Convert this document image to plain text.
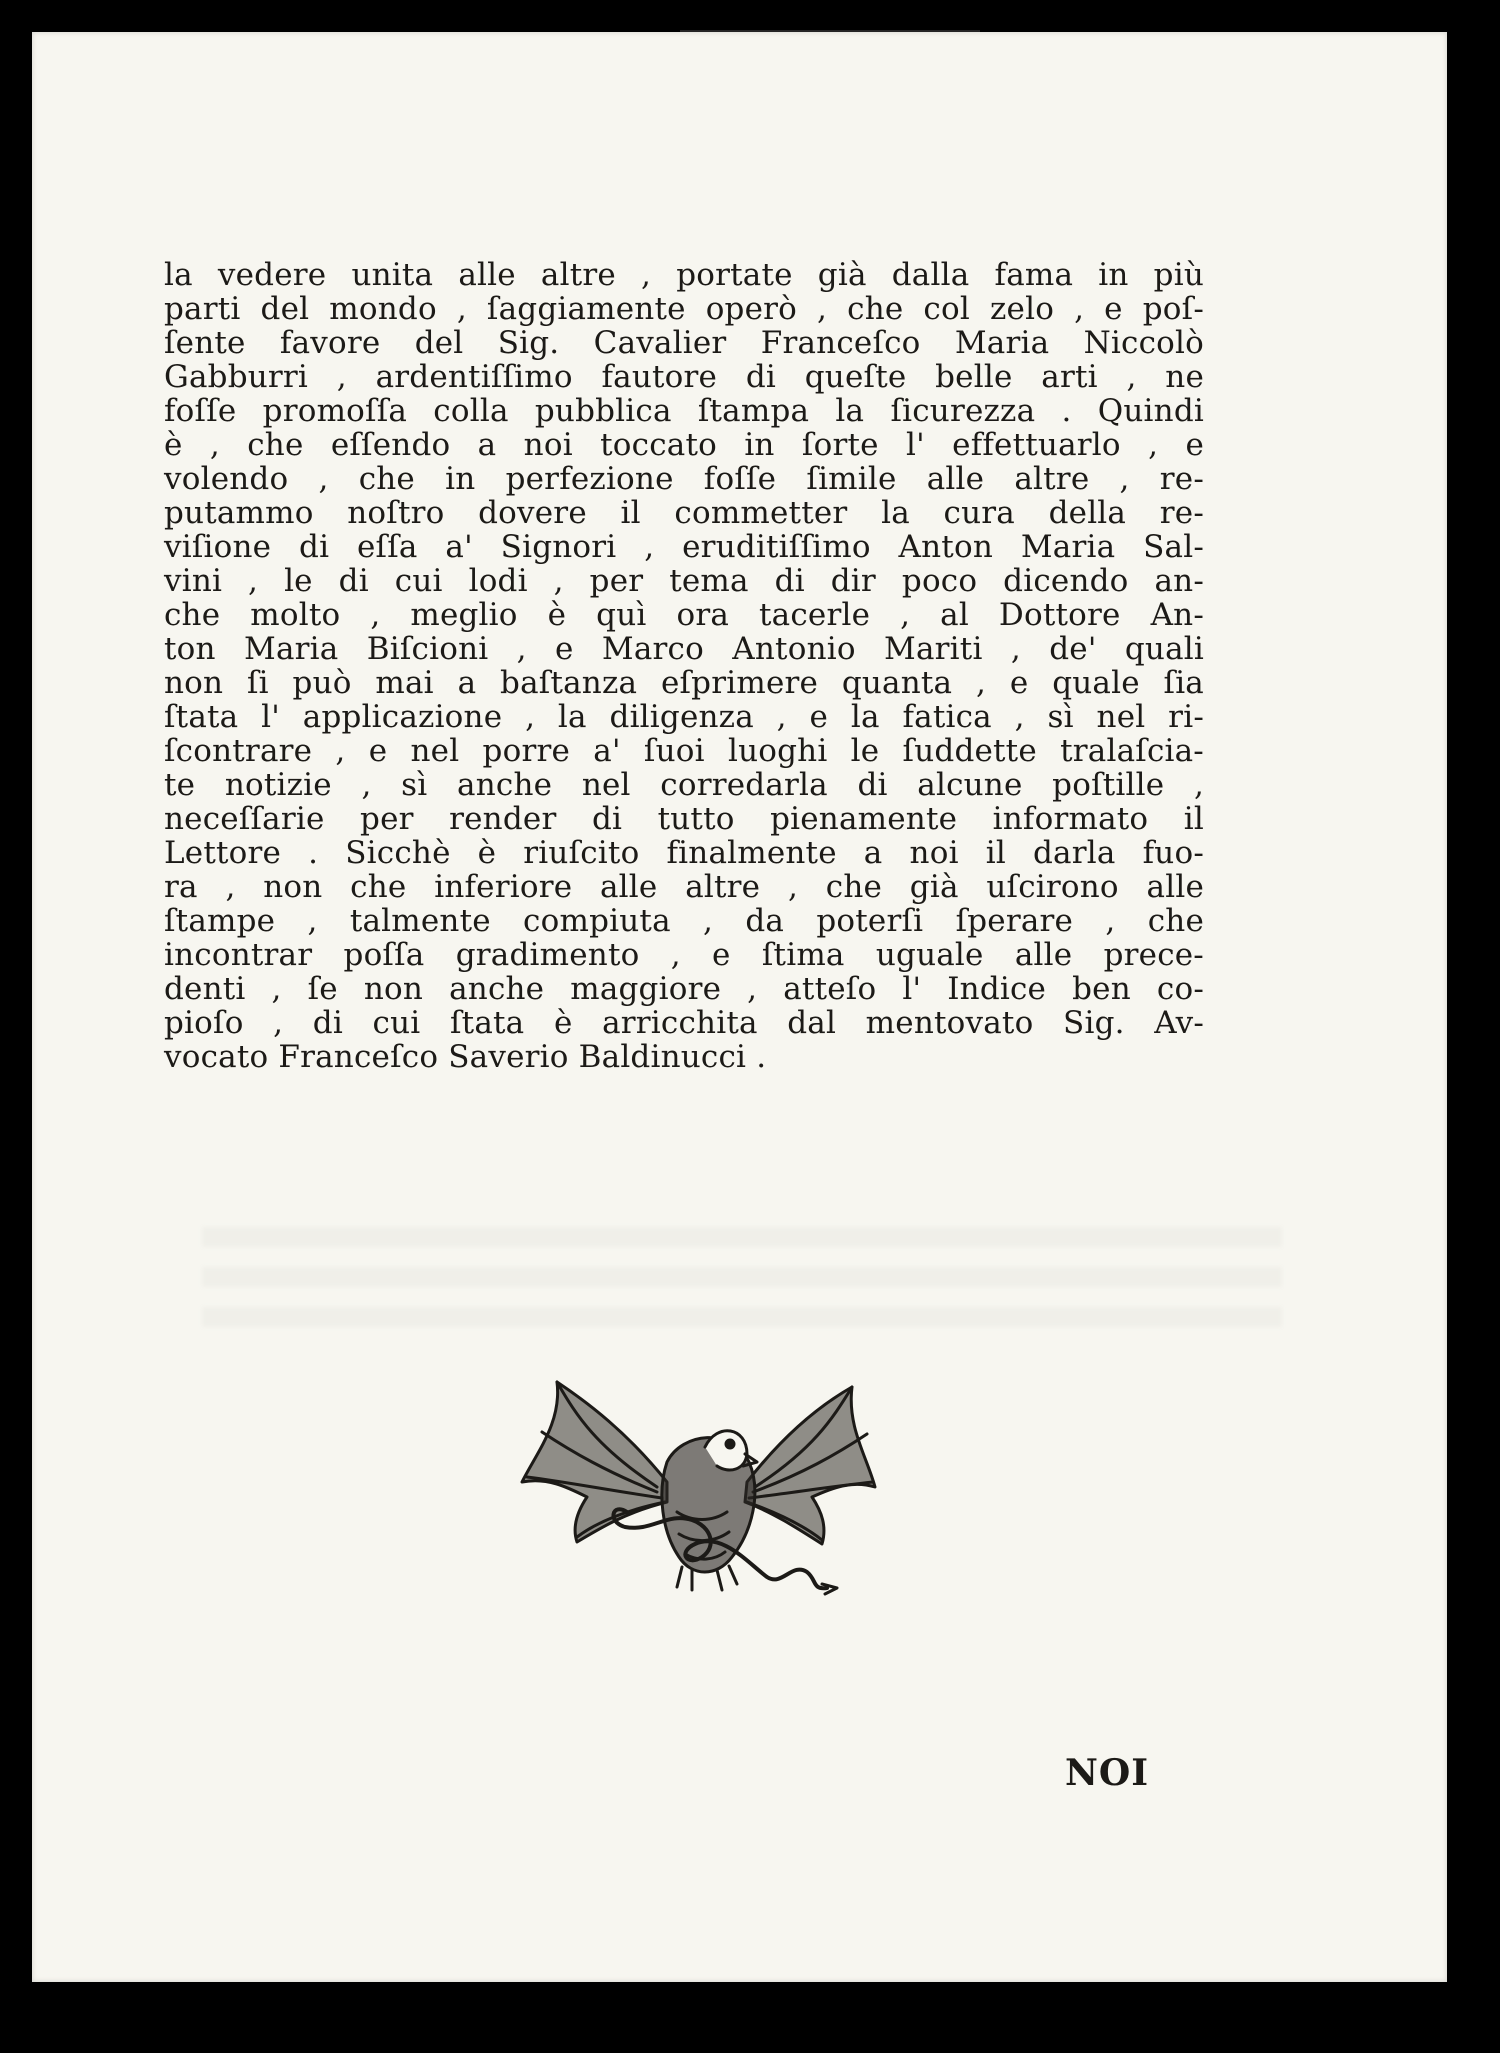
la vedere unita alle altre , portate già dalla fama in più
parti del mondo , ſaggiamente operò , che col zelo , e poſ-
ſente favore del Sig. Cavalier Franceſco Maria Niccolò
Gabburri , ardentiſſimo fautore di queſte belle arti , ne
foſſe promoſſa colla pubblica ſtampa la ſicurezza . Quindi
è , che eſſendo a noi toccato in ſorte l' effettuarlo , e
volendo , che in perfezione foſſe ſimile alle altre , re-
putammo noſtro dovere il commetter la cura della re-
viſione di eſſa a' Signori , eruditiſſimo Anton Maria Sal-
vini , le di cui lodi , per tema di dir poco dicendo an-
che molto , meglio è quì ora tacerle , al Dottore An-
ton Maria Biſcioni , e Marco Antonio Mariti , de' quali
non ſi può mai a baſtanza eſprimere quanta , e quale ſia
ſtata l' applicazione , la diligenza , e la fatica , sì nel ri-
ſcontrare , e nel porre a' ſuoi luoghi le ſuddette tralaſcia-
te notizie , sì anche nel corredarla di alcune poſtille ,
neceſſarie per render di tutto pienamente informato il
Lettore . Sicchè è riuſcito finalmente a noi il darla fuo-
ra , non che inferiore alle altre , che già uſcirono alle
ſtampe , talmente compiuta , da poterſi ſperare , che
incontrar poſſa gradimento , e ſtima uguale alle prece-
denti , ſe non anche maggiore , atteſo l' Indice ben co-
pioſo , di cui ſtata è arricchita dal mentovato Sig. Av-
vocato Franceſco Saverio Baldinucci .
NOI
